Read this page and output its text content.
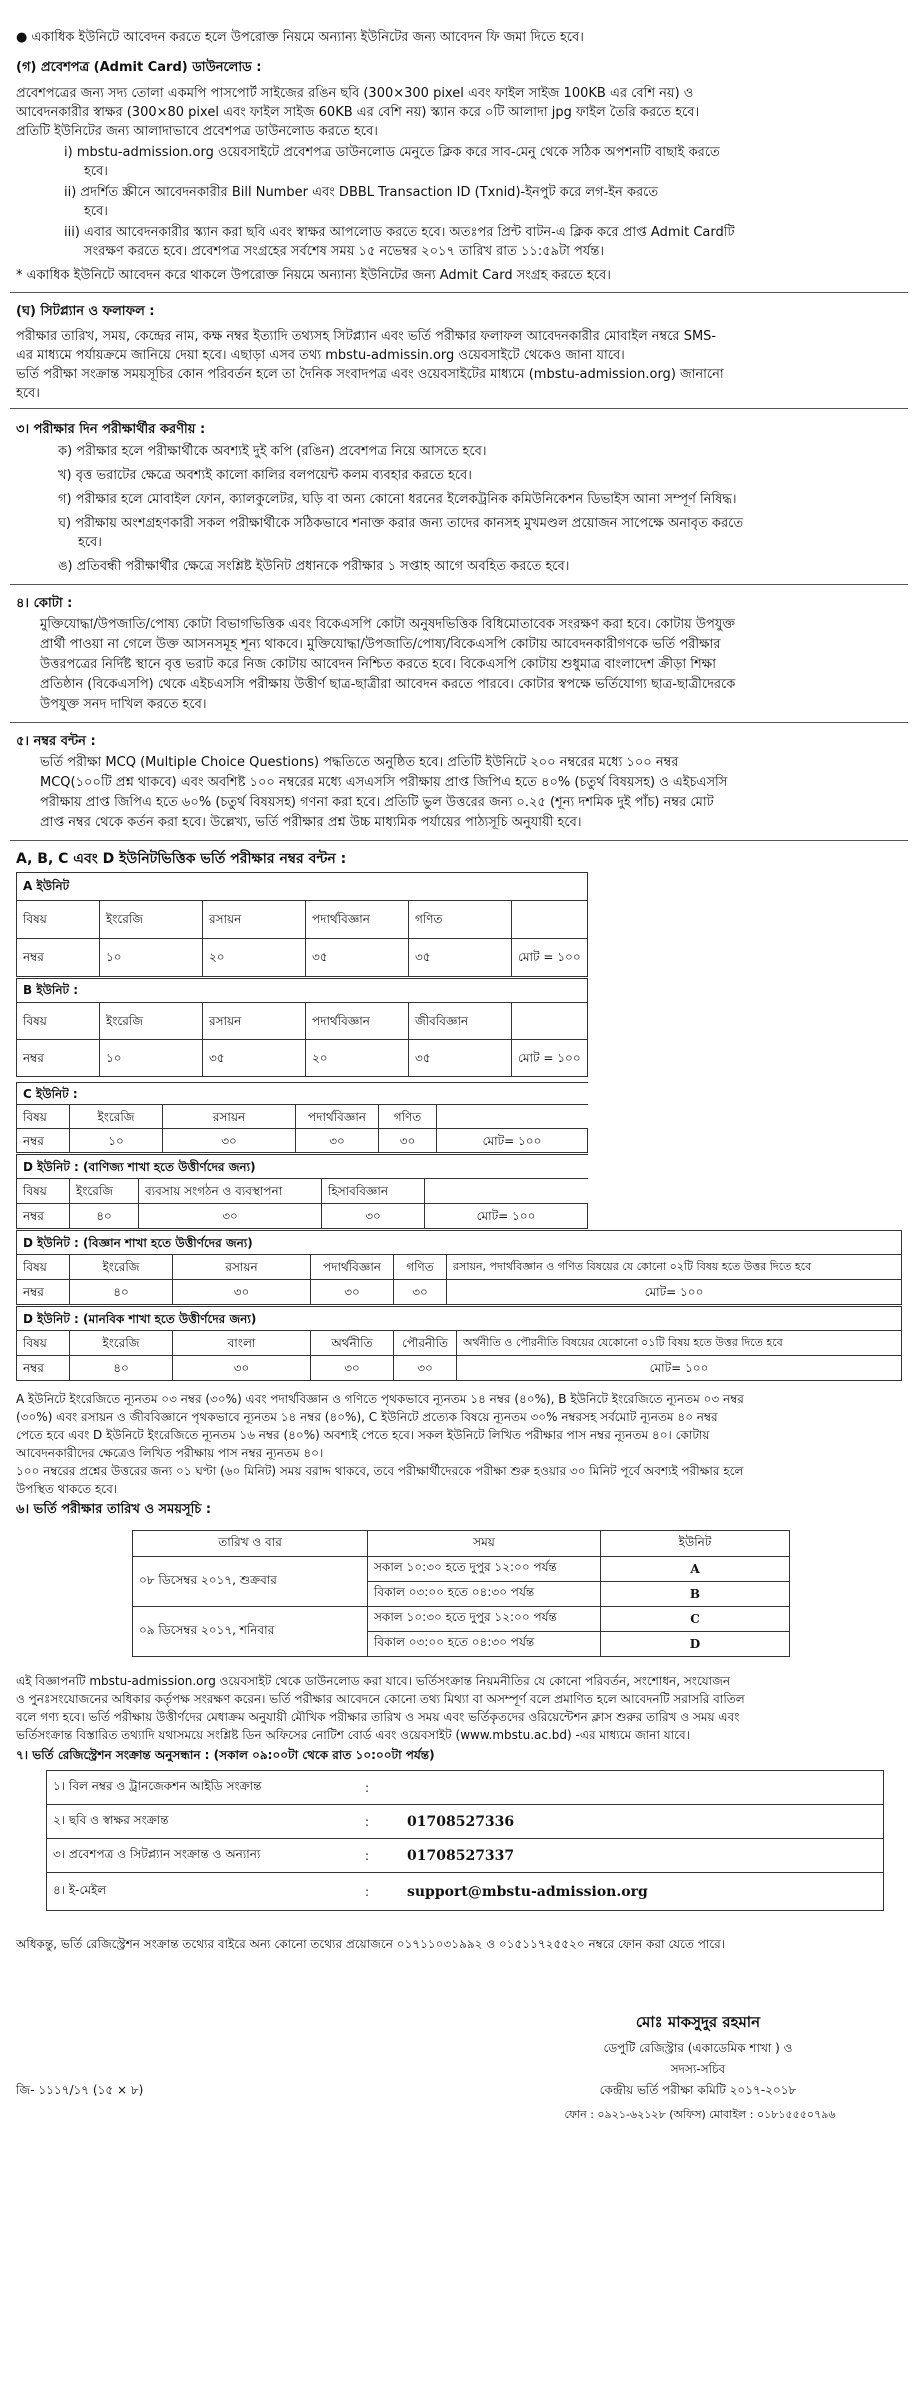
● একাধিক ইউনিটে আবেদন করতে হলে উপরোক্ত নিয়মে অন্যান্য ইউনিটের জন্য আবেদন ফি জমা দিতে হবে।
(গ) প্রবেশপত্র (Admit Card) ডাউনলোড :
প্রবেশপত্রের জন্য সদ্য তোলা একমপি পাসপোর্ট সাইজের রঙিন ছবি (300×300 pixel এবং ফাইল সাইজ 100KB এর বেশি নয়) ও
আবেদনকারীর স্বাক্ষর (300×80 pixel এবং ফাইল সাইজ 60KB এর বেশি নয়) স্ক্যান করে ০টি আলাদা jpg ফাইল তৈরি করতে হবে।
প্রতিটি ইউনিটের জন্য আলাদাভাবে প্রবেশপত্র ডাউনলোড করতে হবে।
i) mbstu-admission.org ওয়েবসাইটে প্রবেশপত্র ডাউনলোড মেনুতে ক্লিক করে সাব-মেনু থেকে সঠিক অপশনটি বাছাই করতে
হবে।
ii) প্রদর্শিত স্ক্রীনে আবেদনকারীর Bill Number এবং DBBL Transaction ID (Txnid)-ইনপুট করে লগ-ইন করতে
হবে।
iii) এবার আবেদনকারীর স্ক্যান করা ছবি এবং স্বাক্ষর আপলোড করতে হবে। অতঃপর প্রিন্ট বাটন-এ ক্লিক করে প্রাপ্ত Admit Cardটি
সংরক্ষণ করতে হবে। প্রবেশপত্র সংগ্রহের সর্বশেষ সময় ১৫ নভেম্বর ২০১৭ তারিখ রাত ১১:৫৯টা পর্যন্ত।
* একাধিক ইউনিটে আবেদন করে থাকলে উপরোক্ত নিয়মে অন্যান্য ইউনিটের জন্য Admit Card সংগ্রহ করতে হবে।
(ঘ) সিটপ্ল্যান ও ফলাফল :
পরীক্ষার তারিখ, সময়, কেন্দ্রের নাম, কক্ষ নম্বর ইত্যাদি তথ্যসহ সিটপ্ল্যান এবং ভর্তি পরীক্ষার ফলাফল আবেদনকারীর মোবাইল নম্বরে SMS-
এর মাধ্যমে পর্যায়ক্রমে জানিয়ে দেয়া হবে। এছাড়া এসব তথ্য mbstu-admissin.org ওয়েবসাইটে থেকেও জানা যাবে।
ভর্তি পরীক্ষা সংক্রান্ত সময়সূচির কোন পরিবর্তন হলে তা দৈনিক সংবাদপত্র এবং ওয়েবসাইটের মাধ্যমে (mbstu-admission.org) জানানো
হবে।
৩। পরীক্ষার দিন পরীক্ষার্থীর করণীয় :
ক) পরীক্ষার হলে পরীক্ষার্থীকে অবশ্যই দুই কপি (রঙিন) প্রবেশপত্র নিয়ে আসতে হবে।
খ) বৃত্ত ভরাটের ক্ষেত্রে অবশ্যই কালো কালির বলপয়েন্ট কলম ব্যবহার করতে হবে।
গ) পরীক্ষার হলে মোবাইল ফোন, ক্যালকুলেটর, ঘড়ি বা অন্য কোনো ধরনের ইলেকট্রনিক কমিউনিকেশন ডিভাইস আনা সম্পূর্ণ নিষিদ্ধ।
ঘ) পরীক্ষায় অংশগ্রহণকারী সকল পরীক্ষার্থীকে সঠিকভাবে শনাক্ত করার জন্য তাদের কানসহ মুখমণ্ডল প্রয়োজন সাপেক্ষে অনাবৃত করতে
হবে।
ঙ) প্রতিবন্ধী পরীক্ষার্থীর ক্ষেত্রে সংশ্লিষ্ট ইউনিট প্রধানকে পরীক্ষার ১ সপ্তাহ আগে অবহিত করতে হবে।
৪। কোটা :
মুক্তিযোদ্ধা/উপজাতি/পোষ্য কোটা বিভাগভিত্তিক এবং বিকেএসপি কোটা অনুষদভিত্তিক বিধিমোতাবেক সংরক্ষণ করা হবে। কোটায় উপযুক্ত
প্রার্থী পাওয়া না গেলে উক্ত আসনসমূহ শূন্য থাকবে। মুক্তিযোদ্ধা/উপজাতি/পোষ্য/বিকেএসপি কোটায় আবেদনকারীগণকে ভর্তি পরীক্ষার
উত্তরপত্রের নির্দিষ্ট স্থানে বৃত্ত ভরাট করে নিজ কোটায় আবেদন নিশ্চিত করতে হবে। বিকেএসপি কোটায় শুধুমাত্র বাংলাদেশ ক্রীড়া শিক্ষা
প্রতিষ্ঠান (বিকেএসপি) থেকে এইচএসসি পরীক্ষায় উত্তীর্ণ ছাত্র-ছাত্রীরা আবেদন করতে পারবে। কোটার স্বপক্ষে ভর্তিযোগ্য ছাত্র-ছাত্রীদেরকে
উপযুক্ত সনদ দাখিল করতে হবে।
৫। নম্বর বন্টন :
ভর্তি পরীক্ষা MCQ (Multiple Choice Questions) পদ্ধতিতে অনুষ্ঠিত হবে। প্রতিটি ইউনিটে ২০০ নম্বরের মধ্যে ১০০ নম্বর
MCQ(১০০টি প্রশ্ন থাকবে) এবং অবশিষ্ট ১০০ নম্বরের মধ্যে এসএসসি পরীক্ষায় প্রাপ্ত জিপিএ হতে ৪০% (চতুর্থ বিষয়সহ) ও এইচএসসি
পরীক্ষায় প্রাপ্ত জিপিএ হতে ৬০% (চতুর্থ বিষয়সহ) গণনা করা হবে। প্রতিটি ভুল উত্তরের জন্য ০.২৫ (শূন্য দশমিক দুই পাঁচ) নম্বর মোট
প্রাপ্ত নম্বর থেকে কর্তন করা হবে। উল্লেখ্য, ভর্তি পরীক্ষার প্রশ্ন উচ্চ মাধ্যমিক পর্যায়ের পাঠ্যসূচি অনুযায়ী হবে।
A, B, C এবং D ইউনিটভিত্তিক ভর্তি পরীক্ষার নম্বর বন্টন :
A ইউনিট					
বিষয়	ইংরেজি	রসায়ন	পদার্থবিজ্ঞান	গণিত	
নম্বর	১০	২০	৩৫	৩৫	মোট = ১০০
B ইউনিট :					
বিষয়	ইংরেজি	রসায়ন	পদার্থবিজ্ঞান	জীববিজ্ঞান	
নম্বর	১০	৩৫	২০	৩৫	মোট = ১০০
C ইউনিট :					
বিষয়	ইংরেজি	রসায়ন	পদার্থবিজ্ঞান	গণিত	
নম্বর	১০	৩০	৩০	৩০	মোট= ১০০
D ইউনিট : (বাণিজ্য শাখা হতে উত্তীর্ণদের জন্য)				
বিষয়	ইংরেজি	ব্যবসায় সংগঠন ও ব্যবস্থাপনা	হিসাববিজ্ঞান	
নম্বর	৪০	৩০	৩০	মোট= ১০০
D ইউনিট : (বিজ্ঞান শাখা হতে উত্তীর্ণদের জন্য)					
বিষয়	ইংরেজি	রসায়ন	পদার্থবিজ্ঞান	গণিত	রসায়ন, পদার্থবিজ্ঞান ও গণিত বিষয়ের যে কোনো ০২টি বিষয় হতে উত্তর দিতে হবে
নম্বর	৪০	৩০	৩০	৩০	মোট= ১০০
D ইউনিট : (মানবিক শাখা হতে উত্তীর্ণদের জন্য)					
বিষয়	ইংরেজি	বাংলা	অর্থনীতি	পৌরনীতি	অর্থনীতি ও পৌরনীতি বিষয়ের যেকোনো ০১টি বিষয় হতে উত্তর দিতে হবে
নম্বর	৪০	৩০	৩০	৩০	মোট= ১০০
A ইউনিটে ইংরেজিতে ন্যূনতম ০৩ নম্বর (৩০%) এবং পদার্থবিজ্ঞান ও গণিতে পৃথকভাবে ন্যূনতম ১৪ নম্বর (৪০%), B ইউনিটে ইংরেজিতে ন্যূনতম ০৩ নম্বর
(৩০%) এবং রসায়ন ও জীববিজ্ঞানে পৃথকভাবে ন্যূনতম ১৪ নম্বর (৪০%), C ইউনিটে প্রত্যেক বিষয়ে ন্যূনতম ৩০% নম্বরসহ সর্বমোট ন্যূনতম ৪০ নম্বর
পেতে হবে এবং D ইউনিটে ইংরেজিতে ন্যূনতম ১৬ নম্বর (৪০%) অবশ্যই পেতে হবে। সকল ইউনিটে লিখিত পরীক্ষার পাস নম্বর ন্যূনতম ৪০। কোটায়
আবেদনকারীদের ক্ষেত্রেও লিখিত পরীক্ষায় পাস নম্বর ন্যূনতম ৪০।
১০০ নম্বরের প্রশ্নের উত্তরের জন্য ০১ ঘণ্টা (৬০ মিনিট) সময় বরাদ্দ থাকবে, তবে পরীক্ষার্থীদেরকে পরীক্ষা শুরু হওয়ার ৩০ মিনিট পূর্বে অবশ্যই পরীক্ষার হলে
উপস্থিত থাকতে হবে।
৬। ভর্তি পরীক্ষার তারিখ ও সময়সূচি :
তারিখ ও বার	সময়	ইউনিট
০৮ ডিসেম্বর ২০১৭, শুক্রবার	সকাল ১০:৩০ হতে দুপুর ১২:০০ পর্যন্ত	A
	বিকাল ০৩:০০ হতে ০৪:৩০ পর্যন্ত	B
০৯ ডিসেম্বর ২০১৭, শনিবার	সকাল ১০:৩০ হতে দুপুর ১২:০০ পর্যন্ত	C
	বিকাল ০৩:০০ হতে ০৪:৩০ পর্যন্ত	D
এই বিজ্ঞাপনটি mbstu-admission.org ওয়েবসাইট থেকে ডাউনলোড করা যাবে। ভর্তিসংক্রান্ত নিয়মনীতির যে কোনো পরিবর্তন, সংশোধন, সংযোজন
ও পুনঃসংযোজনের অধিকার কর্তৃপক্ষ সংরক্ষণ করেন। ভর্তি পরীক্ষার আবেদনে কোনো তথ্য মিথ্যা বা অসম্পূর্ণ বলে প্রমাণিত হলে আবেদনটি সরাসরি বাতিল
বলে গণ্য হবে। ভর্তি পরীক্ষায় উত্তীর্ণদের মেধাক্রম অনুযায়ী মৌখিক পরীক্ষার তারিখ ও সময় এবং ভর্তিকৃতদের ওরিয়েন্টেশন ক্লাস শুরুর তারিখ ও সময় এবং
ভর্তিসংক্রান্ত বিস্তারিত তথ্যাদি যথাসময়ে সংশ্লিষ্ট ডিন অফিসের নোটিশ বোর্ড এবং ওয়েবসাইট (www.mbstu.ac.bd) -এর মাধ্যমে জানা যাবে।
৭। ভর্তি রেজিস্ট্রেশন সংক্রান্ত অনুসন্ধান : (সকাল ০৯:০০টা থেকে রাত ১০:০০টা পর্যন্ত)
১। বিল নম্বর ও ট্রানজেকশন আইডি সংক্রান্ত	:	
২। ছবি ও স্বাক্ষর সংক্রান্ত	:	01708527336
৩। প্রবেশপত্র ও সিটপ্ল্যান সংক্রান্ত ও অন্যান্য	:	01708527337
৪। ই-মেইল	:	support@mbstu-admission.org
অধিকন্তু, ভর্তি রেজিস্ট্রেশন সংক্রান্ত তথ্যের বাইরে অন্য কোনো তথ্যের প্রয়োজনে ০১৭১১০৩১৯৯২ ও ০১৫১১৭২৫৫২০ নম্বরে ফোন করা যেতে পারে।
মোঃ মাকসুদুর রহমান
ডেপুটি রেজিস্ট্রার (একাডেমিক শাখা ) ও
সদস্য-সচিব
কেন্দ্রীয় ভর্তি পরীক্ষা কমিটি ২০১৭-২০১৮
ফোন : ০৯২১-৬২১২৮ (অফিস) মোবাইল : ০১৮১৫৫৫০৭৯৬
জি- ১১১৭/১৭ (১৫ × ৮)
